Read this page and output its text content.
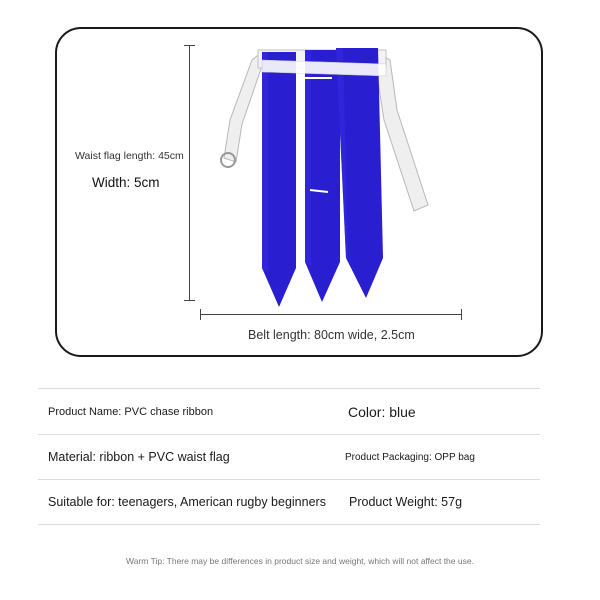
Waist flag length: 45cm
Width: 5cm
Belt length: 80cm wide, 2.5cm
Product Name: PVC chase ribbon	Color: blue
Material: ribbon + PVC waist flag	Product Packaging: OPP bag
Suitable for: teenagers, American rugby beginners Product Weight: 57g
Warm Tip: There may be differences in product size and weight, which will not affect the use.
